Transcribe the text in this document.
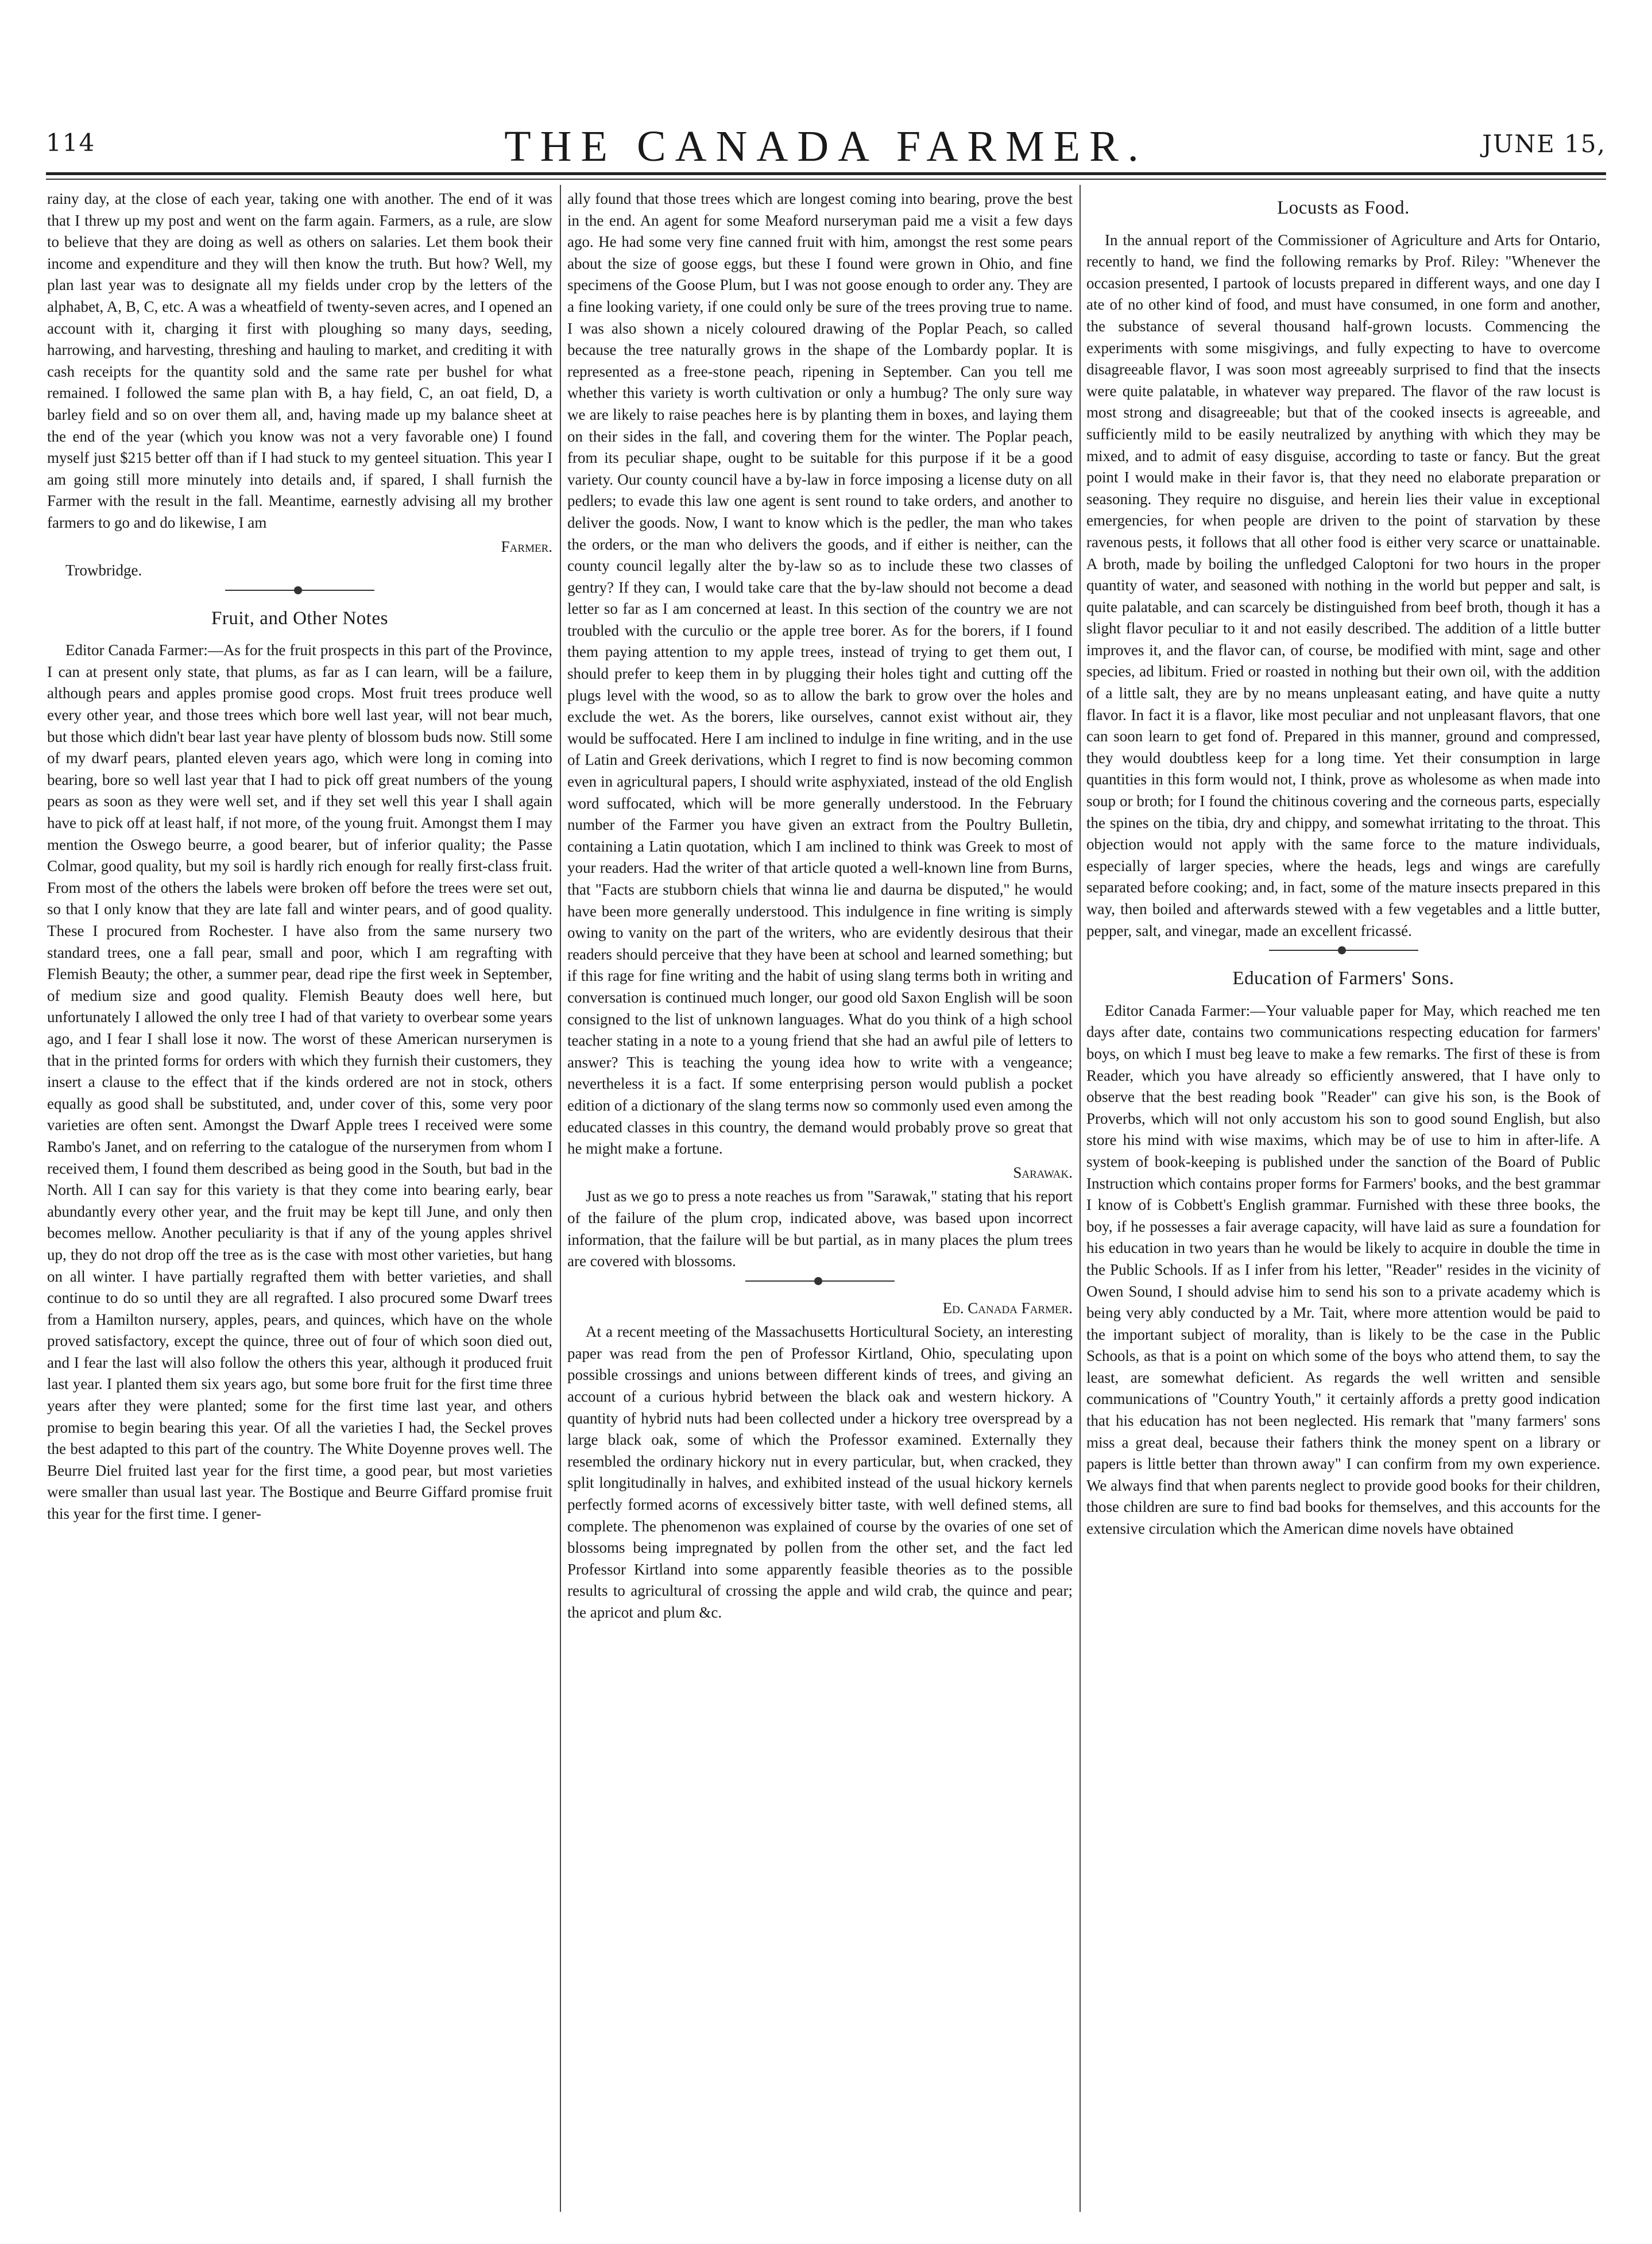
114	THE CANADA FARMER.	JUNE 15,

rainy day, at the close of each year, taking one with another. The end of it was that I threw up my post and went on the farm again. Farmers, as a rule, are slow to believe that they are doing as well as others on salaries. Let them book their income and expenditure and they will then know the truth. But how? Well, my plan last year was to designate all my fields under crop by the letters of the alphabet, A, B, C, etc. A was a wheatfield of twenty-seven acres, and I opened an account with it, charging it first with ploughing so many days, seeding, harrowing, and harvesting, threshing and hauling to market, and crediting it with cash receipts for the quantity sold and the same rate per bushel for what remained. I followed the same plan with B, a hay field, C, an oat field, D, a barley field and so on over them all, and, having made up my balance sheet at the end of the year (which you know was not a very favorable one) I found myself just $215 better off than if I had stuck to my genteel situation. This year I am going still more minutely into details and, if spared, I shall furnish the Farmer with the result in the fall. Meantime, earnestly advising all my brother farmers to go and do likewise, I am

Farmer.
Trowbridge.
Fruit, and Other Notes

Editor Canada Farmer:—As for the fruit prospects in this part of the Province, I can at present only state, that plums, as far as I can learn, will be a failure, although pears and apples promise good crops. Most fruit trees produce well every other year, and those trees which bore well last year, will not bear much, but those which didn't bear last year have plenty of blossom buds now. Still some of my dwarf pears, planted eleven years ago, which were long in coming into bearing, bore so well last year that I had to pick off great numbers of the young pears as soon as they were well set, and if they set well this year I shall again have to pick off at least half, if not more, of the young fruit. Amongst them I may mention the Oswego beurre, a good bearer, but of inferior quality; the Passe Colmar, good quality, but my soil is hardly rich enough for really first-class fruit. From most of the others the labels were broken off before the trees were set out, so that I only know that they are late fall and winter pears, and of good quality. These I procured from Rochester. I have also from the same nursery two standard trees, one a fall pear, small and poor, which I am regrafting with Flemish Beauty; the other, a summer pear, dead ripe the first week in September, of medium size and good quality. Flemish Beauty does well here, but unfortunately I allowed the only tree I had of that variety to overbear some years ago, and I fear I shall lose it now. The worst of these American nurserymen is that in the printed forms for orders with which they furnish their customers, they insert a clause to the effect that if the kinds ordered are not in stock, others equally as good shall be substituted, and, under cover of this, some very poor varieties are often sent. Amongst the Dwarf Apple trees I received were some Rambo's Janet, and on referring to the catalogue of the nurserymen from whom I received them, I found them described as being good in the South, but bad in the North. All I can say for this variety is that they come into bearing early, bear abundantly every other year, and the fruit may be kept till June, and only then becomes mellow. Another peculiarity is that if any of the young apples shrivel up, they do not drop off the tree as is the case with most other varieties, but hang on all winter. I have partially regrafted them with better varieties, and shall continue to do so until they are all regrafted. I also procured some Dwarf trees from a Hamilton nursery, apples, pears, and quinces, which have on the whole proved satisfactory, except the quince, three out of four of which soon died out, and I fear the last will also follow the others this year, although it produced fruit last year. I planted them six years ago, but some bore fruit for the first time three years after they were planted; some for the first time last year, and others promise to begin bearing this year. Of all the varieties I had, the Seckel proves the best adapted to this part of the country. The White Doyenne proves well. The Beurre Diel fruited last year for the first time, a good pear, but most varieties were smaller than usual last year. The Bostique and Beurre Giffard promise fruit this year for the first time. I gener-

ally found that those trees which are longest coming into bearing, prove the best in the end. An agent for some Meaford nurseryman paid me a visit a few days ago. He had some very fine canned fruit with him, amongst the rest some pears about the size of goose eggs, but these I found were grown in Ohio, and fine specimens of the Goose Plum, but I was not goose enough to order any. They are a fine looking variety, if one could only be sure of the trees proving true to name. I was also shown a nicely coloured drawing of the Poplar Peach, so called because the tree naturally grows in the shape of the Lombardy poplar. It is represented as a free-stone peach, ripening in September. Can you tell me whether this variety is worth cultivation or only a humbug? The only sure way we are likely to raise peaches here is by planting them in boxes, and laying them on their sides in the fall, and covering them for the winter. The Poplar peach, from its peculiar shape, ought to be suitable for this purpose if it be a good variety. Our county council have a by-law in force imposing a license duty on all pedlers; to evade this law one agent is sent round to take orders, and another to deliver the goods. Now, I want to know which is the pedler, the man who takes the orders, or the man who delivers the goods, and if either is neither, can the county council legally alter the by-law so as to include these two classes of gentry? If they can, I would take care that the by-law should not become a dead letter so far as I am concerned at least. In this section of the country we are not troubled with the curculio or the apple tree borer. As for the borers, if I found them paying attention to my apple trees, instead of trying to get them out, I should prefer to keep them in by plugging their holes tight and cutting off the plugs level with the wood, so as to allow the bark to grow over the holes and exclude the wet. As the borers, like ourselves, cannot exist without air, they would be suffocated. Here I am inclined to indulge in fine writing, and in the use of Latin and Greek derivations, which I regret to find is now becoming common even in agricultural papers, I should write asphyxiated, instead of the old English word suffocated, which will be more generally understood. In the February number of the Farmer you have given an extract from the Poultry Bulletin, containing a Latin quotation, which I am inclined to think was Greek to most of your readers. Had the writer of that article quoted a well-known line from Burns, that "Facts are stubborn chiels that winna lie and daurna be disputed," he would have been more generally understood. This indulgence in fine writing is simply owing to vanity on the part of the writers, who are evidently desirous that their readers should perceive that they have been at school and learned something; but if this rage for fine writing and the habit of using slang terms both in writing and conversation is continued much longer, our good old Saxon English will be soon consigned to the list of unknown languages. What do you think of a high school teacher stating in a note to a young friend that she had an awful pile of letters to answer? This is teaching the young idea how to write with a vengeance; nevertheless it is a fact. If some enterprising person would publish a pocket edition of a dictionary of the slang terms now so commonly used even among the educated classes in this country, the demand would probably prove so great that he might make a fortune.

Sarawak.

Just as we go to press a note reaches us from "Sarawak," stating that his report of the failure of the plum crop, indicated above, was based upon incorrect information, that the failure will be but partial, as in many places the plum trees are covered with blossoms.

Ed. Canada Farmer.

At a recent meeting of the Massachusetts Horticultural Society, an interesting paper was read from the pen of Professor Kirtland, Ohio, speculating upon possible crossings and unions between different kinds of trees, and giving an account of a curious hybrid between the black oak and western hickory. A quantity of hybrid nuts had been collected under a hickory tree overspread by a large black oak, some of which the Professor examined. Externally they resembled the ordinary hickory nut in every particular, but, when cracked, they split longitudinally in halves, and exhibited instead of the usual hickory kernels perfectly formed acorns of excessively bitter taste, with well defined stems, all complete. The phenomenon was explained of course by the ovaries of one set of blossoms being impregnated by pollen from the other set, and the fact led Professor Kirtland into some apparently feasible theories as to the possible results to agricultural of crossing the apple and wild crab, the quince and pear; the apricot and plum &c.

Locusts as Food.

In the annual report of the Commissioner of Agriculture and Arts for Ontario, recently to hand, we find the following remarks by Prof. Riley: "Whenever the occasion presented, I partook of locusts prepared in different ways, and one day I ate of no other kind of food, and must have consumed, in one form and another, the substance of several thousand half-grown locusts. Commencing the experiments with some misgivings, and fully expecting to have to overcome disagreeable flavor, I was soon most agreeably surprised to find that the insects were quite palatable, in whatever way prepared. The flavor of the raw locust is most strong and disagreeable; but that of the cooked insects is agreeable, and sufficiently mild to be easily neutralized by anything with which they may be mixed, and to admit of easy disguise, according to taste or fancy. But the great point I would make in their favor is, that they need no elaborate preparation or seasoning. They require no disguise, and herein lies their value in exceptional emergencies, for when people are driven to the point of starvation by these ravenous pests, it follows that all other food is either very scarce or unattainable. A broth, made by boiling the unfledged Caloptoni for two hours in the proper quantity of water, and seasoned with nothing in the world but pepper and salt, is quite palatable, and can scarcely be distinguished from beef broth, though it has a slight flavor peculiar to it and not easily described. The addition of a little butter improves it, and the flavor can, of course, be modified with mint, sage and other species, ad libitum. Fried or roasted in nothing but their own oil, with the addition of a little salt, they are by no means unpleasant eating, and have quite a nutty flavor. In fact it is a flavor, like most peculiar and not unpleasant flavors, that one can soon learn to get fond of. Prepared in this manner, ground and compressed, they would doubtless keep for a long time. Yet their consumption in large quantities in this form would not, I think, prove as wholesome as when made into soup or broth; for I found the chitinous covering and the corneous parts, especially the spines on the tibia, dry and chippy, and somewhat irritating to the throat. This objection would not apply with the same force to the mature individuals, especially of larger species, where the heads, legs and wings are carefully separated before cooking; and, in fact, some of the mature insects prepared in this way, then boiled and afterwards stewed with a few vegetables and a little butter, pepper, salt, and vinegar, made an excellent fricassé.

Education of Farmers' Sons.

Editor Canada Farmer:—Your valuable paper for May, which reached me ten days after date, contains two communications respecting education for farmers' boys, on which I must beg leave to make a few remarks. The first of these is from Reader, which you have already so efficiently answered, that I have only to observe that the best reading book "Reader" can give his son, is the Book of Proverbs, which will not only accustom his son to good sound English, but also store his mind with wise maxims, which may be of use to him in after-life. A system of book-keeping is published under the sanction of the Board of Public Instruction which contains proper forms for Farmers' books, and the best grammar I know of is Cobbett's English grammar. Furnished with these three books, the boy, if he possesses a fair average capacity, will have laid as sure a foundation for his education in two years than he would be likely to acquire in double the time in the Public Schools. If as I infer from his letter, "Reader" resides in the vicinity of Owen Sound, I should advise him to send his son to a private academy which is being very ably conducted by a Mr. Tait, where more attention would be paid to the important subject of morality, than is likely to be the case in the Public Schools, as that is a point on which some of the boys who attend them, to say the least, are somewhat deficient. As regards the well written and sensible communications of "Country Youth," it certainly affords a pretty good indication that his education has not been neglected. His remark that "many farmers' sons miss a great deal, because their fathers think the money spent on a library or papers is little better than thrown away" I can confirm from my own experience. We always find that when parents neglect to provide good books for their children, those children are sure to find bad books for themselves, and this accounts for the extensive circulation which the American dime novels have obtained
